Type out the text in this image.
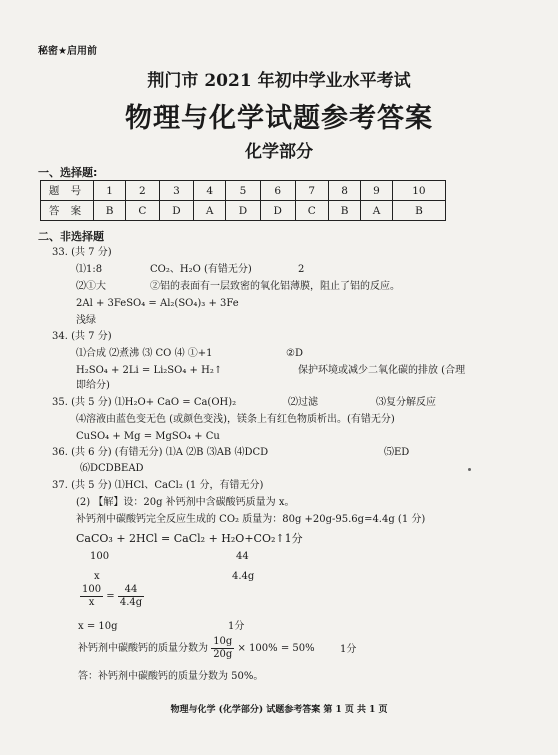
秘密★启用前
荆门市 2021 年初中学业水平考试
物理与化学试题参考答案
化学部分
一、选择题:
题 号	1	2	3	4	5	6	7	8	9	10
答 案	B	C	D	A	D	D	C	B	A	B
二、非选择题
33. (共 7 分)
⑴1:8	CO₂、H₂O (有错无分)	2
⑵①大	②铝的表面有一层致密的氧化铝薄膜，阻止了铝的反应。
2Al + 3FeSO₄ = Al₂(SO₄)₃ + 3Fe
浅绿
34. (共 7 分)
⑴合成 ⑵煮沸 ⑶ CO ⑷ ①+1	②D
H₂SO₄ + 2Li = Li₂SO₄ + H₂↑	保护环境或减少二氧化碳的排放 (合理
即给分)
35. (共 5 分) ⑴H₂O+ CaO = Ca(OH)₂	⑵过滤	⑶复分解反应
⑷溶液由蓝色变无色 (或颜色变浅)，镁条上有红色物质析出。(有错无分)
CuSO₄ + Mg = MgSO₄ + Cu
36. (共 6 分) (有错无分) ⑴A ⑵B ⑶AB ⑷DCD	⑸ED
⑹DCDBEAD
37. (共 5 分) ⑴HCl、CaCl₂ (1 分，有错无分)
(2) 【解】设：20g 补钙剂中含碳酸钙质量为 x。
补钙剂中碳酸钙完全反应生成的 CO₂ 质量为：80g +20g-95.6g=4.4g (1 分)
CaCO₃ + 2HCl = CaCl₂ + H₂O+CO₂↑1分
100	44
x	4.4g
$\frac{100}{x} = \frac{44}{4.4g}$
x = 10g	1分
补钙剂中碳酸钙的质量分数为 $\frac{10g}{20g} \times 100\% = 50\%$	1分
答：补钙剂中碳酸钙的质量分数为 50%。
物理与化学 (化学部分) 试题参考答案 第 1 页 共 1 页
